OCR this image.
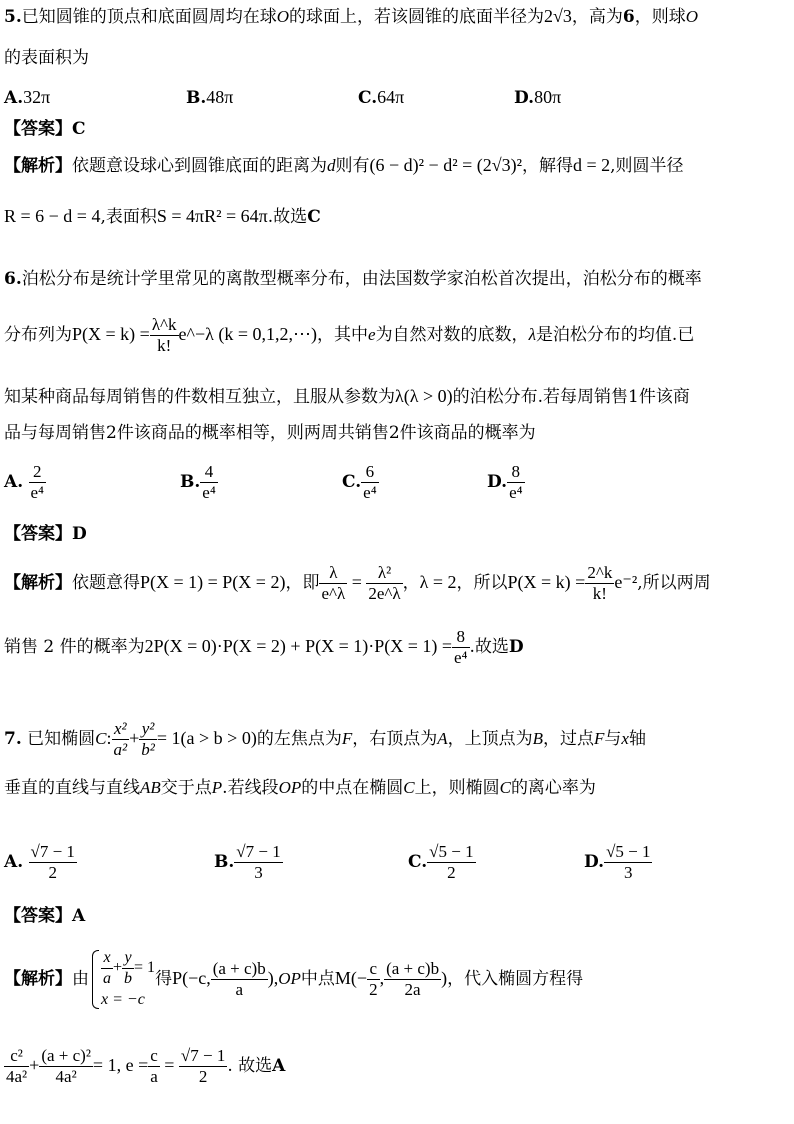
5.已知圆锥的顶点和底面圆周均在球O的球面上，若该圆锥的底面半径为2√3，高为6，则球O
的表面积为
A.32π	B.48π	C.64π	D.80π
【答案】C
【解析】依题意设球心到圆锥底面的距离为d则有(6 − d)² − d² = (2√3)²，解得d = 2,则圆半径
R = 6 − d = 4,表面积S = 4πR² = 64π.故选C
6.泊松分布是统计学里常见的离散型概率分布，由法国数学家泊松首次提出，泊松分布的概率
分布列为$P(X = k) = \frac{\lambda\^{}k}{k!}$ e^−λ (k = 0,1,2,⋯)，其中e为自然对数的底数，λ是泊松分布的均值.已
知某种商品每周销售的件数相互独立，且服从参数为λ(λ > 0)的泊松分布.若每周销售1件该商
品与每周销售2件该商品的概率相等，则两周共销售2件该商品的概率为
A. $\frac{2}{\text{e⁴}}$	B. $\frac{4}{\text{e⁴}}$	C. $\frac{6}{\text{e⁴}}$	D. $\frac{8}{\text{e⁴}}$
【答案】D
【解析】依题意得P(X = 1) = P(X = 2)，即 $\frac{\lambda}{e\^{}\lambda} = \frac{\text{λ²}}{2e\^{}\lambda}$ ，λ = 2，所以$P(X = k) = \frac{2\^{}k}{k!} e^{-2}$,所以两周
销售 2 件的概率为$2P(X = 0)\cdot P(X = 2) + P(X = 1)\cdot P(X = 1) = \frac{8}{\text{e⁴}}$ .故选D
7. 已知椭圆C: $\frac{\text{x²}}{\text{a²}} + \frac{\text{y²}}{\text{b²}} = 1(a > b > 0)$的左焦点为F，右顶点为A，上顶点为B，过点F与x轴
垂直的直线与直线AB交于点P.若线段OP的中点在椭圆C上，则椭圆C的离心率为
A. $\frac{√7 - 1}{2}$	B. $\frac{√7 - 1}{3}$	C. $\frac{√5 - 1}{2}$	D. $\frac{√5 - 1}{3}$
【答案】A
【解析】由 $\frac{x}{a} + \frac{y}{b} = 1$
x = −c
得P(−c, $\frac{(a + c)b}{a} ),OP$中点$M(- \frac{c}{2}$ , $\frac{(a + c)b}{2a}$ )，代入椭圆方程得
$\frac{\text{c²}}{\text{4a²}} + \frac{\text{(a + c)²}}{\text{4a²}} = 1$, $e = \frac{c}{a} = \frac{√7 - 1}{2}$ . 故选A
